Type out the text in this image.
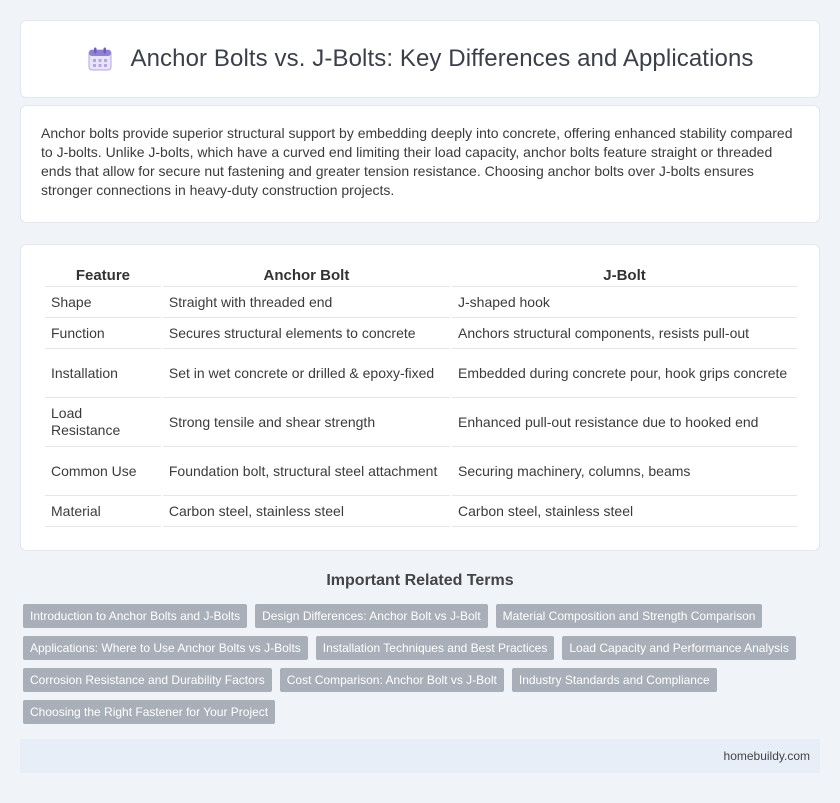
Anchor Bolts vs. J-Bolts: Key Differences and Applications

Anchor bolts provide superior structural support by embedding deeply into concrete, offering enhanced stability compared to J-bolts. Unlike J-bolts, which have a curved end limiting their load capacity, anchor bolts feature straight or threaded ends that allow for secure nut fastening and greater tension resistance. Choosing anchor bolts over J-bolts ensures stronger connections in heavy-duty construction projects.

Feature	Anchor Bolt	J-Bolt
Shape	Straight with threaded end	J-shaped hook
Function	Secures structural elements to concrete	Anchors structural components, resists pull-out
Installation	Set in wet concrete or drilled & epoxy-fixed	Embedded during concrete pour, hook grips concrete
Load Resistance	Strong tensile and shear strength	Enhanced pull-out resistance due to hooked end
Common Use	Foundation bolt, structural steel attachment	Securing machinery, columns, beams
Material	Carbon steel, stainless steel	Carbon steel, stainless steel
Important Related Terms
Introduction to Anchor Bolts and J-Bolts	Design Differences: Anchor Bolt vs J-Bolt	Material Composition and Strength Comparison
Applications: Where to Use Anchor Bolts vs J-Bolts	Installation Techniques and Best Practices	Load Capacity and Performance Analysis
Corrosion Resistance and Durability Factors	Cost Comparison: Anchor Bolt vs J-Bolt	Industry Standards and Compliance
Choosing the Right Fastener for Your Project
homebuildy.com
